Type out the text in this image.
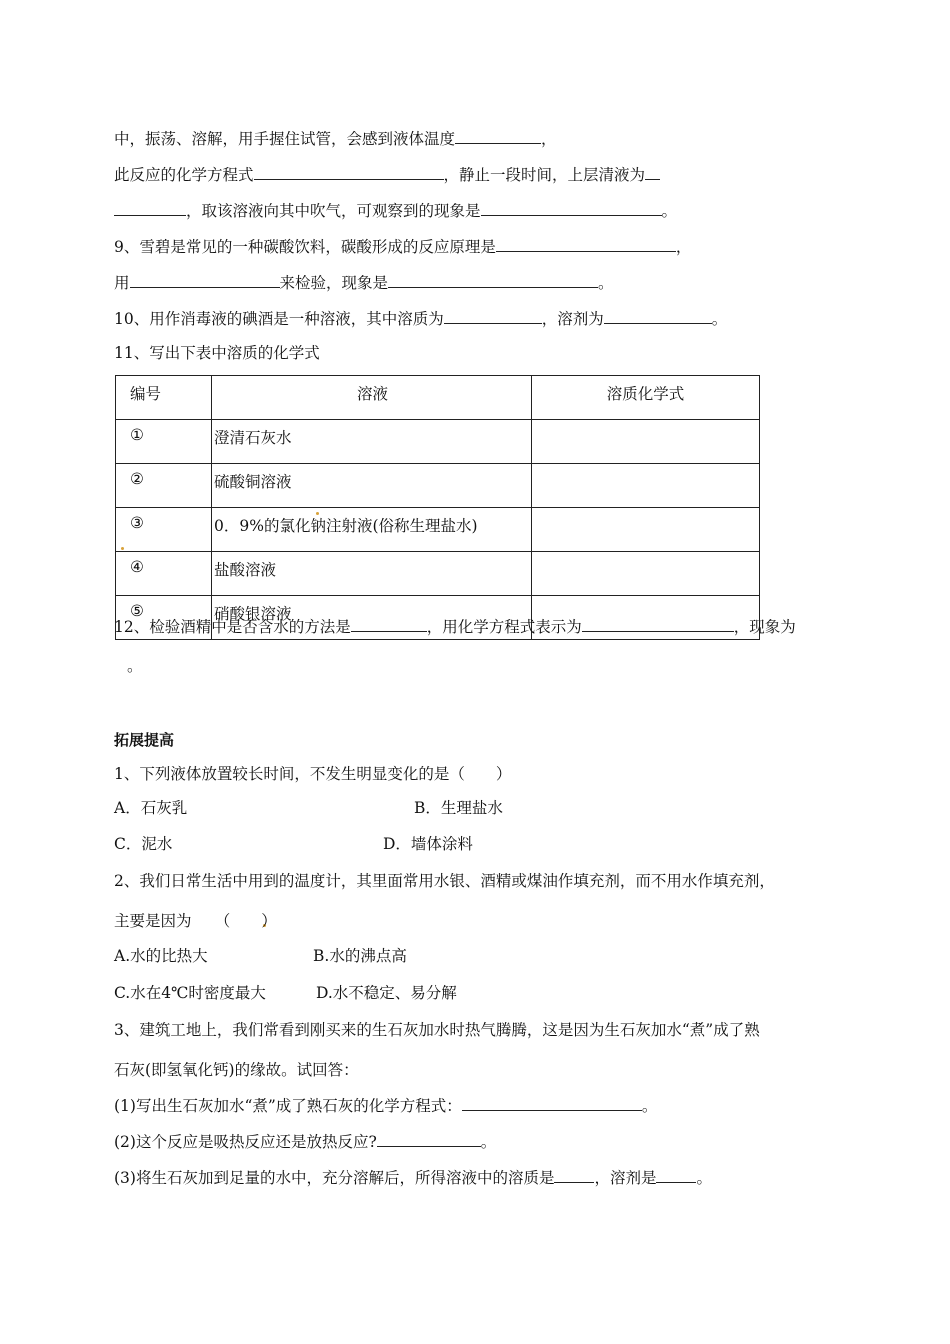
中，振荡、溶解，用手握住试管，会感到液体温度	，
此反应的化学方程式	，静止一段时间，上层清液为
，取该溶液向其中吹气，可观察到的现象是	。
9、雪碧是常见的一种碳酸饮料，碳酸形成的反应原理是	，
用	来检验，现象是	。
10、用作消毒液的碘酒是一种溶液，其中溶质为	，溶剂为	。
11、写出下表中溶质的化学式
编号	溶液	溶质化学式
①	澄清石灰水	
②	硫酸铜溶液	
③	0．9%的氯化钠注射液(俗称生理盐水)	
④	盐酸溶液	
⑤	硝酸银溶液	
12、检验酒精中是否含水的方法是	，用化学方程式表示为	，现象为
。
拓展提高
1、下列液体放置较长时间，不发生明显变化的是（　　）
A．石灰乳	B．生理盐水
C．泥水	D．墙体涂料
2、我们日常生活中用到的温度计，其里面常用水银、酒精或煤油作填充剂，而不用水作填充剂，
主要是因为　　（　　）
A.水的比热大	B.水的沸点高
C.水在4℃时密度最大	D.水不稳定、易分解
3、建筑工地上，我们常看到刚买来的生石灰加水时热气腾腾，这是因为生石灰加水“煮”成了熟
石灰(即氢氧化钙)的缘故。试回答：
(1)写出生石灰加水“煮”成了熟石灰的化学方程式：	。
(2)这个反应是吸热反应还是放热反应?	。
(3)将生石灰加到足量的水中，充分溶解后，所得溶液中的溶质是	，溶剂是	。
